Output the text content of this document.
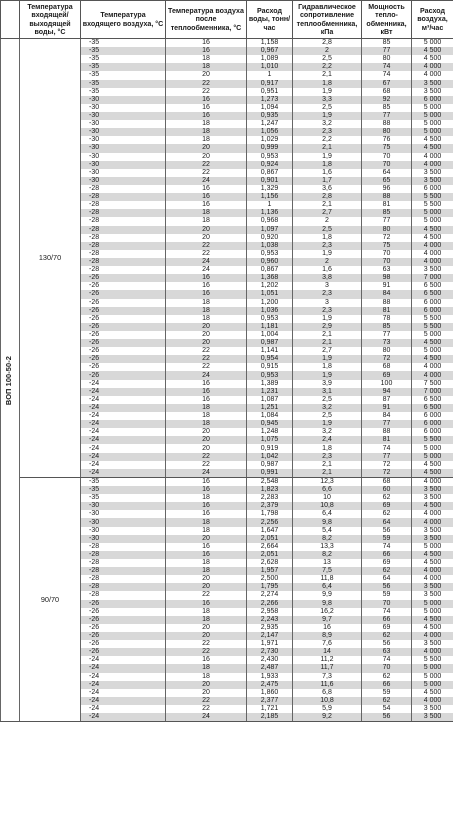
	Температура входящей/ выходящей воды, °С	Температура входящего воздуха, °С	Температура воздуха после теплообменника, °С	Расход воды, тонн/час	Гидравлическое сопротивление теплообменника, кПа	Мощность тепло-обменника, кВт	Расход воздуха, м³/час

ВОП 100-50-2	130/70	-35	16	1,158	2,8	85	5 000
		-35	16	0,967	2	77	4 500
		-35	18	1,089	2,5	80	4 500
		-35	18	1,010	2,2	74	4 000
		-35	20	1	2,1	74	4 000
		-35	22	0,917	1,8	67	3 500
		-35	22	0,951	1,9	68	3 500
		-30	16	1,273	3,3	92	6 000
		-30	16	1,094	2,5	85	5 000
		-30	16	0,935	1,9	77	5 000
		-30	18	1,247	3,2	88	5 000
		-30	18	1,056	2,3	80	5 000
		-30	18	1,029	2,2	76	4 500
		-30	20	0,999	2,1	75	4 500
		-30	20	0,953	1,9	70	4 000
		-30	22	0,924	1,8	70	4 000
		-30	22	0,867	1,6	64	3 500
		-30	24	0,901	1,7	65	3 500
		-28	16	1,329	3,6	96	6 000
		-28	16	1,156	2,8	88	5 500
		-28	16	1	2,1	81	5 500
		-28	18	1,136	2,7	85	5 000
		-28	18	0,968	2	77	5 000
		-28	20	1,097	2,5	80	4 500
		-28	20	0,920	1,8	72	4 500
		-28	22	1,038	2,3	75	4 000
		-28	22	0,953	1,9	70	4 000
		-28	24	0,960	2	70	4 000
		-28	24	0,867	1,6	63	3 500
		-26	16	1,368	3,8	98	7 000
		-26	16	1,202	3	91	6 500
		-26	16	1,051	2,3	84	6 500
		-26	18	1,200	3	88	6 000
		-26	18	1,036	2,3	81	6 000
		-26	18	0,953	1,9	78	5 500
		-26	20	1,181	2,9	85	5 500
		-26	20	1,004	2,1	77	5 000
		-26	20	0,987	2,1	73	4 500
		-26	22	1,141	2,7	80	5 000
		-26	22	0,954	1,9	72	4 500
		-26	22	0,915	1,8	68	4 000
		-26	24	0,953	1,9	69	4 000
		-24	16	1,389	3,9	100	7 500
		-24	16	1,231	3,1	94	7 000
		-24	16	1,087	2,5	87	6 500
		-24	18	1,251	3,2	91	6 500
		-24	18	1,084	2,5	84	6 000
		-24	18	0,945	1,9	77	6 000
		-24	20	1,248	3,2	88	6 000
		-24	20	1,075	2,4	81	5 500
		-24	20	0,919	1,8	74	5 000
		-24	22	1,042	2,3	77	5 000
		-24	22	0,987	2,1	72	4 500
		-24	24	0,991	2,1	72	4 500
	90/70	-35	16	2,548	12,3	68	4 000
		-35	16	1,823	6,6	60	3 500
		-35	18	2,283	10	62	3 500
		-30	16	2,379	10,8	69	4 500
		-30	16	1,798	6,4	62	4 000
		-30	18	2,256	9,8	64	4 000
		-30	18	1,647	5,4	56	3 500
		-30	20	2,051	8,2	59	3 500
		-28	16	2,664	13,3	74	5 000
		-28	16	2,051	8,2	66	4 500
		-28	18	2,628	13	69	4 500
		-28	18	1,957	7,5	62	4 000
		-28	20	2,500	11,8	64	4 000
		-28	20	1,795	6,4	56	3 500
		-28	22	2,274	9,9	59	3 500
		-26	16	2,266	9,8	70	5 000
		-26	18	2,958	16,2	74	5 000
		-26	18	2,243	9,7	66	4 500
		-26	20	2,935	16	69	4 500
		-26	20	2,147	8,9	62	4 000
		-26	22	1,971	7,6	56	3 500
		-26	22	2,730	14	63	4 000
		-24	16	2,430	11,2	74	5 500
		-24	18	2,487	11,7	70	5 000
		-24	18	1,933	7,3	62	5 000
		-24	20	2,475	11,6	66	5 000
		-24	20	1,860	6,8	59	4 500
		-24	22	2,377	10,8	62	4 000
		-24	22	1,721	5,9	54	3 500
		-24	24	2,185	9,2	56	3 500
